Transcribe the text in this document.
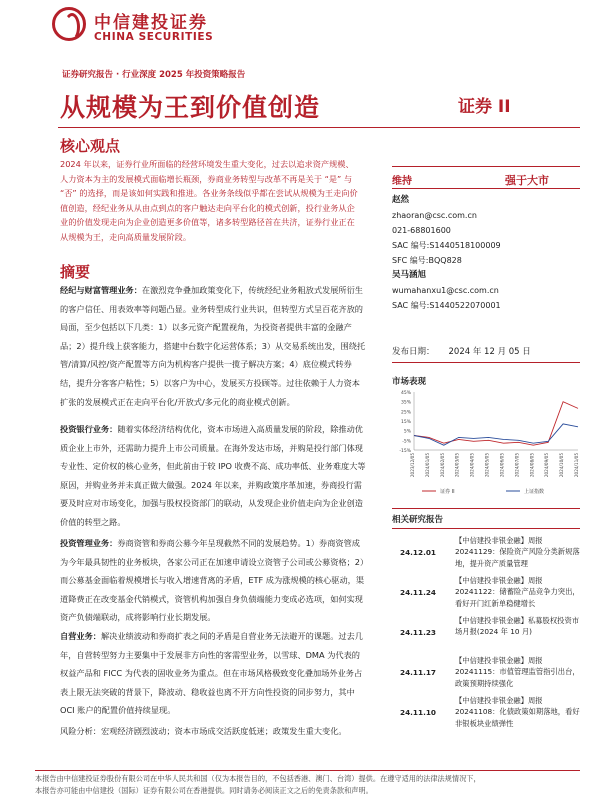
中信建投证券
CHINA SECURITIES
证券研究报告 · 行业深度 2025 年投资策略报告
从规模为王到价值创造	证券 II
核心观点
2024 年以来，证券行业所面临的经营环境发生重大变化，过去以追求资产规模、人力资本为主的发展模式面临增长瓶颈，券商业务转型与改革不再是关于 “是” 与 “否” 的选择，而是该如何实践和推进。各业务条线似乎都在尝试从规模为王走向价值创造，经纪业务从从由点到点的客户触达走向平台化的模式创新，投行业务从企业的价值发现走向为企业创造更多价值等，诸多转型路径首在共济，证券行业正在从规模为王，走向高质量发展阶段。
摘要
经纪与财富管理业务：在激烈竞争叠加政策变化下，传统经纪业务粗放式发展所衍生的客户信任、用表效率等问题凸显。业务转型成行业共识，但转型方式呈百花齐放的局面，至少包括以下几类：1）以多元资产配置视角，为投资者提供丰富的金融产品；2）提升线上获客能力，搭建中台数字化运营体系；3）从交易系统出发，围绕托管/清算/风控/资产配置等方向为机构客户提供一揽子解决方案；4）底位模式转券结，提升分客客户粘性；5）以客户为中心，发展买方投顾等。过往依赖于人力资本扩张的发展模式正在走向平台化/开放式/多元化的商业模式创新。
投资银行业务：随着实体经济结构优化，资本市场进入高质量发展的阶段，除推动优质企业上市外，还需助力提升上市公司质量。在海外发达市场，并购是投行部门体现专业性、定价权的核心业务，但此前由于较 IPO 收费不高、成功率低、业务难度大等原因，并购业务并未真正做大做强。2024 年以来，并购政策序革加速，券商投行需要及时应对市场变化，加强与股权投资部门的联动，从发现企业价值走向为企业创造价值的转型之路。
投资管理业务：券商资管和券商公募今年呈现截然不同的发展趋势。1）券商资管成为今年最具韧性的业务板块，各家公司正在加速申请设立资管子公司或公募资格；2）而公募基金面临着规模增长与收入增速背离的矛盾，ETF 成为涨规模的核心驱动，渠道降费正在改变基金代销模式，资管机构加强自身负债端能力变成必选项，如何实现资产负债端联动，成将影响行业长期发展。
自营业务：解决业绩波动和券商扩表之间的矛盾是自营业务无法避开的课题。过去几年，自营转型努力主要集中于发展非方向性的客需型业务，以雪球、DMA 为代表的权益产品和 FICC 为代表的固收业务为重点。但在市场风格极致变化叠加场外业务占表上限无法突破的背景下，降波动、稳收益也离不开方向性投资的同步努力，其中 OCI 账户的配置价值持续显现。
风险分析：宏观经济剧烈波动；资本市场成交活跃度低迷；政策发生重大变化。
维持	强于大市
赵然
zhaoran@csc.com.cn
021-68801600
SAC 编号:S1440518100009
SFC 编号:BQQ828
吴马涵旭
wumahanxu1@csc.com.cn
SAC 编号:S1440522070001
发布日期： 2024 年 12 月 05 日
市场表现
45%
35%
25%
15%
5%
-5%
-15%
2023/12/05 2024/01/05 2024/02/05 2024/03/05 2024/04/05 2024/05/05 2024/06/05 2024/07/05 2024/08/05 2024/09/05 2024/10/05 2024/11/05
证券 II	上证指数
相关研究报告
24.12.01
【中信建投非银金融】周报 20241129：保险资产风险分类新规落地，提升资产质量管理
24.11.24
【中信建投非银金融】周报 20241122：储蓄险产品竞争力突出，看好开门红新单稳健增长
24.11.23
【中信建投非银金融】私募股权投资市场月报(2024 年 10 月)
24.11.17
【中信建投非银金融】周报 20241115：市值管理监管指引出台，政策预期持续强化
24.11.10
【中信建投非银金融】周报 20241108：化债政策如期落地，看好非银板块业绩弹性
本报告由中信建投证券股份有限公司在中华人民共和国（仅为本报告目的，不包括香港、澳门、台湾）提供。在遵守适用的法律法规情况下，
本报告亦可能由中信建投（国际）证券有限公司在香港提供。同时请务必阅读正文之后的免责条款和声明。
